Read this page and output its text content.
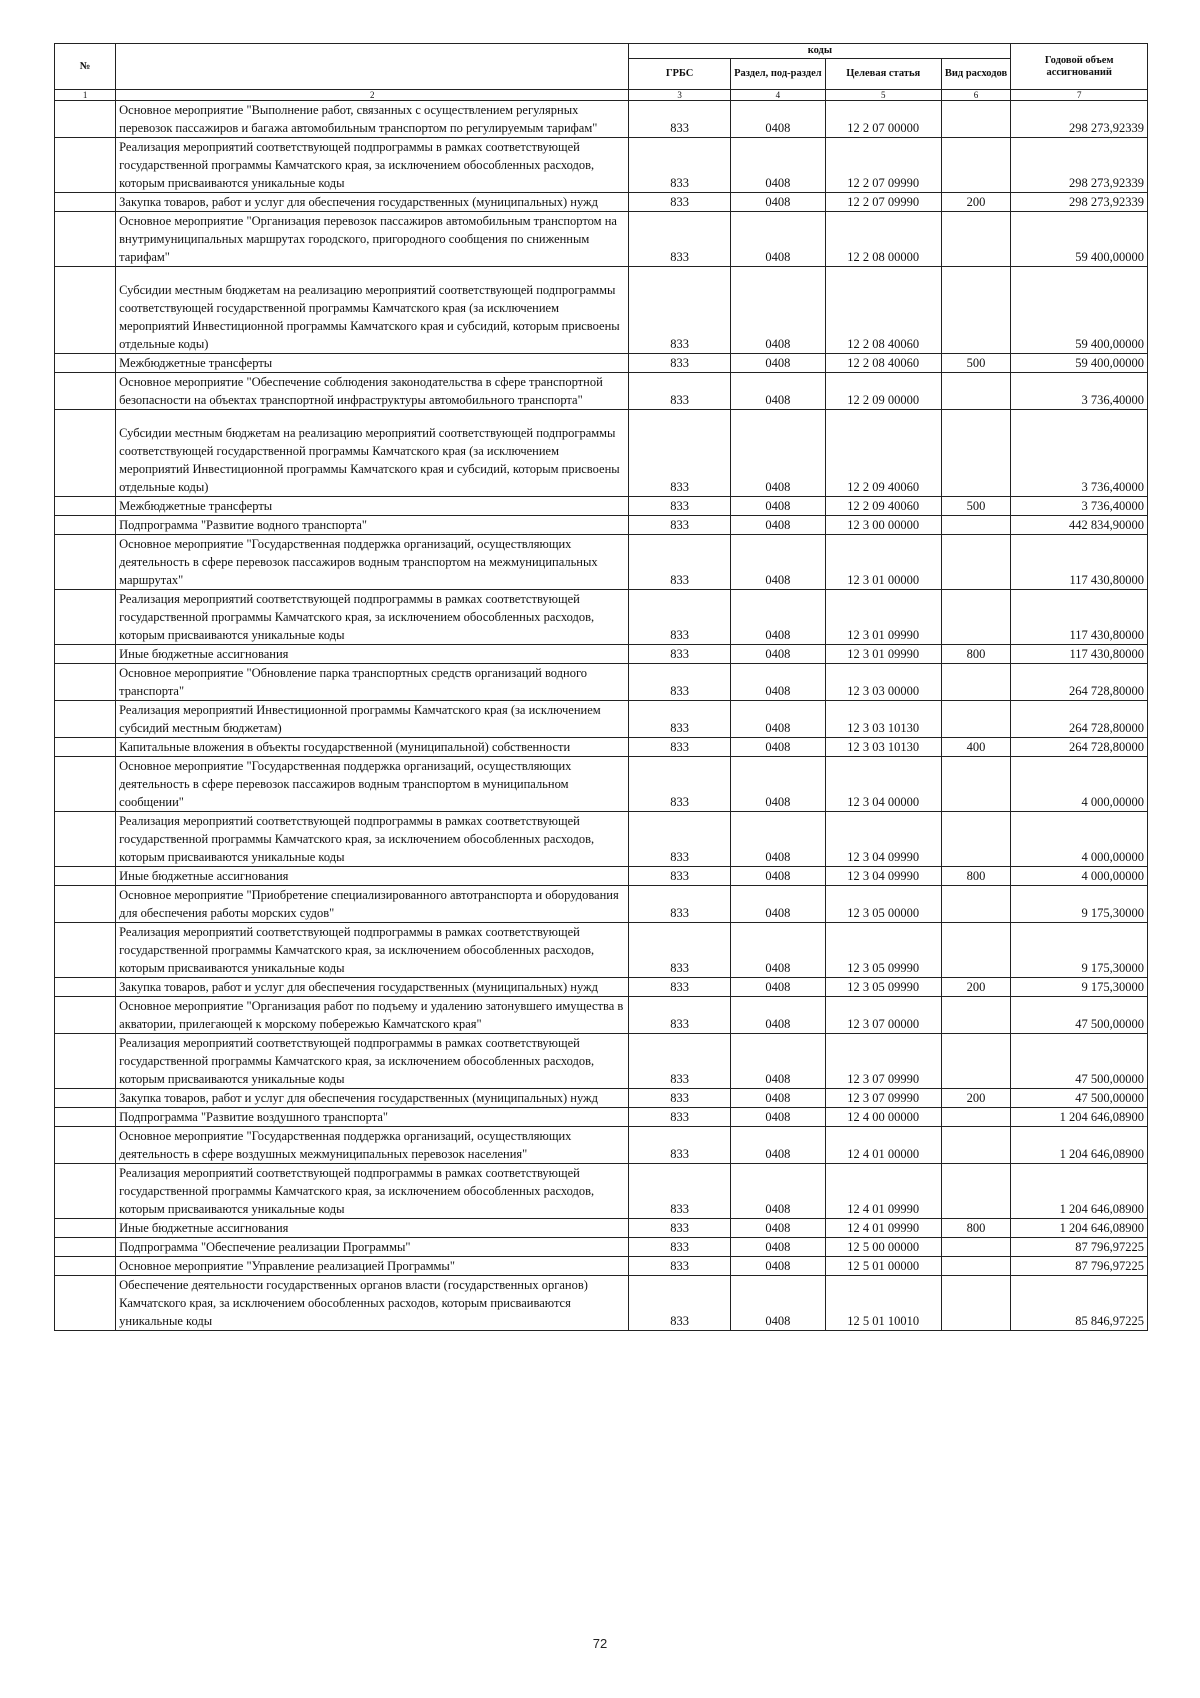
№		коды				Годовой объем ассигнований
		ГРБС	Раздел, под-раздел	Целевая статья	Вид расходов	
1	2	3	4	5	6	7
	Основное мероприятие "Выполнение работ, связанных с осуществлением регулярных перевозок пассажиров и багажа автомобильным транспортом по регулируемым тарифам"	833	0408	12 2 07 00000		298 273,92339
	Реализация мероприятий соответствующей подпрограммы в рамках соответствующей государственной программы Камчатского края, за исключением обособленных расходов, которым присваиваются уникальные коды	833	0408	12 2 07 09990		298 273,92339
	Закупка товаров, работ и услуг для обеспечения государственных (муниципальных) нужд	833	0408	12 2 07 09990	200	298 273,92339
	Основное мероприятие "Организация перевозок пассажиров автомобильным транспортом на внутримуниципальных маршрутах городского, пригородного сообщения по сниженным тарифам"	833	0408	12 2 08 00000		59 400,00000
	Субсидии местным бюджетам на реализацию мероприятий соответствующей подпрограммы соответствующей государственной программы Камчатского края (за исключением мероприятий Инвестиционной программы Камчатского края и субсидий, которым присвоены отдельные коды)	833	0408	12 2 08 40060		59 400,00000
	Межбюджетные трансферты	833	0408	12 2 08 40060	500	59 400,00000
	Основное мероприятие "Обеспечение соблюдения законодательства в сфере транспортной безопасности на объектах транспортной инфраструктуры автомобильного транспорта"	833	0408	12 2 09 00000		3 736,40000
	Субсидии местным бюджетам на реализацию мероприятий соответствующей подпрограммы соответствующей государственной программы Камчатского края (за исключением мероприятий Инвестиционной программы Камчатского края и субсидий, которым присвоены отдельные коды)	833	0408	12 2 09 40060		3 736,40000
	Межбюджетные трансферты	833	0408	12 2 09 40060	500	3 736,40000
	Подпрограмма "Развитие водного транспорта"	833	0408	12 3 00 00000		442 834,90000
	Основное мероприятие "Государственная поддержка организаций, осуществляющих деятельность в сфере перевозок пассажиров водным транспортом на межмуниципальных маршрутах"	833	0408	12 3 01 00000		117 430,80000
	Реализация мероприятий соответствующей подпрограммы в рамках соответствующей государственной программы Камчатского края, за исключением обособленных расходов, которым присваиваются уникальные коды	833	0408	12 3 01 09990		117 430,80000
	Иные бюджетные ассигнования	833	0408	12 3 01 09990	800	117 430,80000
	Основное мероприятие "Обновление парка транспортных средств организаций водного транспорта"	833	0408	12 3 03 00000		264 728,80000
	Реализация мероприятий Инвестиционной программы Камчатского края (за исключением субсидий местным бюджетам)	833	0408	12 3 03 10130		264 728,80000
	Капитальные вложения в объекты государственной (муниципальной) собственности	833	0408	12 3 03 10130	400	264 728,80000
	Основное мероприятие "Государственная поддержка организаций, осуществляющих деятельность в сфере перевозок пассажиров водным транспортом в муниципальном сообщении"	833	0408	12 3 04 00000		4 000,00000
	Реализация мероприятий соответствующей подпрограммы в рамках соответствующей государственной программы Камчатского края, за исключением обособленных расходов, которым присваиваются уникальные коды	833	0408	12 3 04 09990		4 000,00000
	Иные бюджетные ассигнования	833	0408	12 3 04 09990	800	4 000,00000
	Основное мероприятие "Приобретение специализированного автотранспорта и оборудования для обеспечения работы морских судов"	833	0408	12 3 05 00000		9 175,30000
	Реализация мероприятий соответствующей подпрограммы в рамках соответствующей государственной программы Камчатского края, за исключением обособленных расходов, которым присваиваются уникальные коды	833	0408	12 3 05 09990		9 175,30000
	Закупка товаров, работ и услуг для обеспечения государственных (муниципальных) нужд	833	0408	12 3 05 09990	200	9 175,30000
	Основное мероприятие "Организация работ по подъему и удалению затонувшего имущества в акватории, прилегающей к морскому побережью Камчатского края"	833	0408	12 3 07 00000		47 500,00000
	Реализация мероприятий соответствующей подпрограммы в рамках соответствующей государственной программы Камчатского края, за исключением обособленных расходов, которым присваиваются уникальные коды	833	0408	12 3 07 09990		47 500,00000
	Закупка товаров, работ и услуг для обеспечения государственных (муниципальных) нужд	833	0408	12 3 07 09990	200	47 500,00000
	Подпрограмма "Развитие воздушного транспорта"	833	0408	12 4 00 00000		1 204 646,08900
	Основное мероприятие "Государственная поддержка организаций, осуществляющих деятельность в сфере воздушных межмуниципальных перевозок населения"	833	0408	12 4 01 00000		1 204 646,08900
	Реализация мероприятий соответствующей подпрограммы в рамках соответствующей государственной программы Камчатского края, за исключением обособленных расходов, которым присваиваются уникальные коды	833	0408	12 4 01 09990		1 204 646,08900
	Иные бюджетные ассигнования	833	0408	12 4 01 09990	800	1 204 646,08900
	Подпрограмма "Обеспечение реализации Программы"	833	0408	12 5 00 00000		87 796,97225
	Основное мероприятие "Управление реализацией Программы"	833	0408	12 5 01 00000		87 796,97225
	Обеспечение деятельности государственных органов власти (государственных органов) Камчатского края, за исключением обособленных расходов, которым присваиваются уникальные коды	833	0408	12 5 01 10010		85 846,97225
72
